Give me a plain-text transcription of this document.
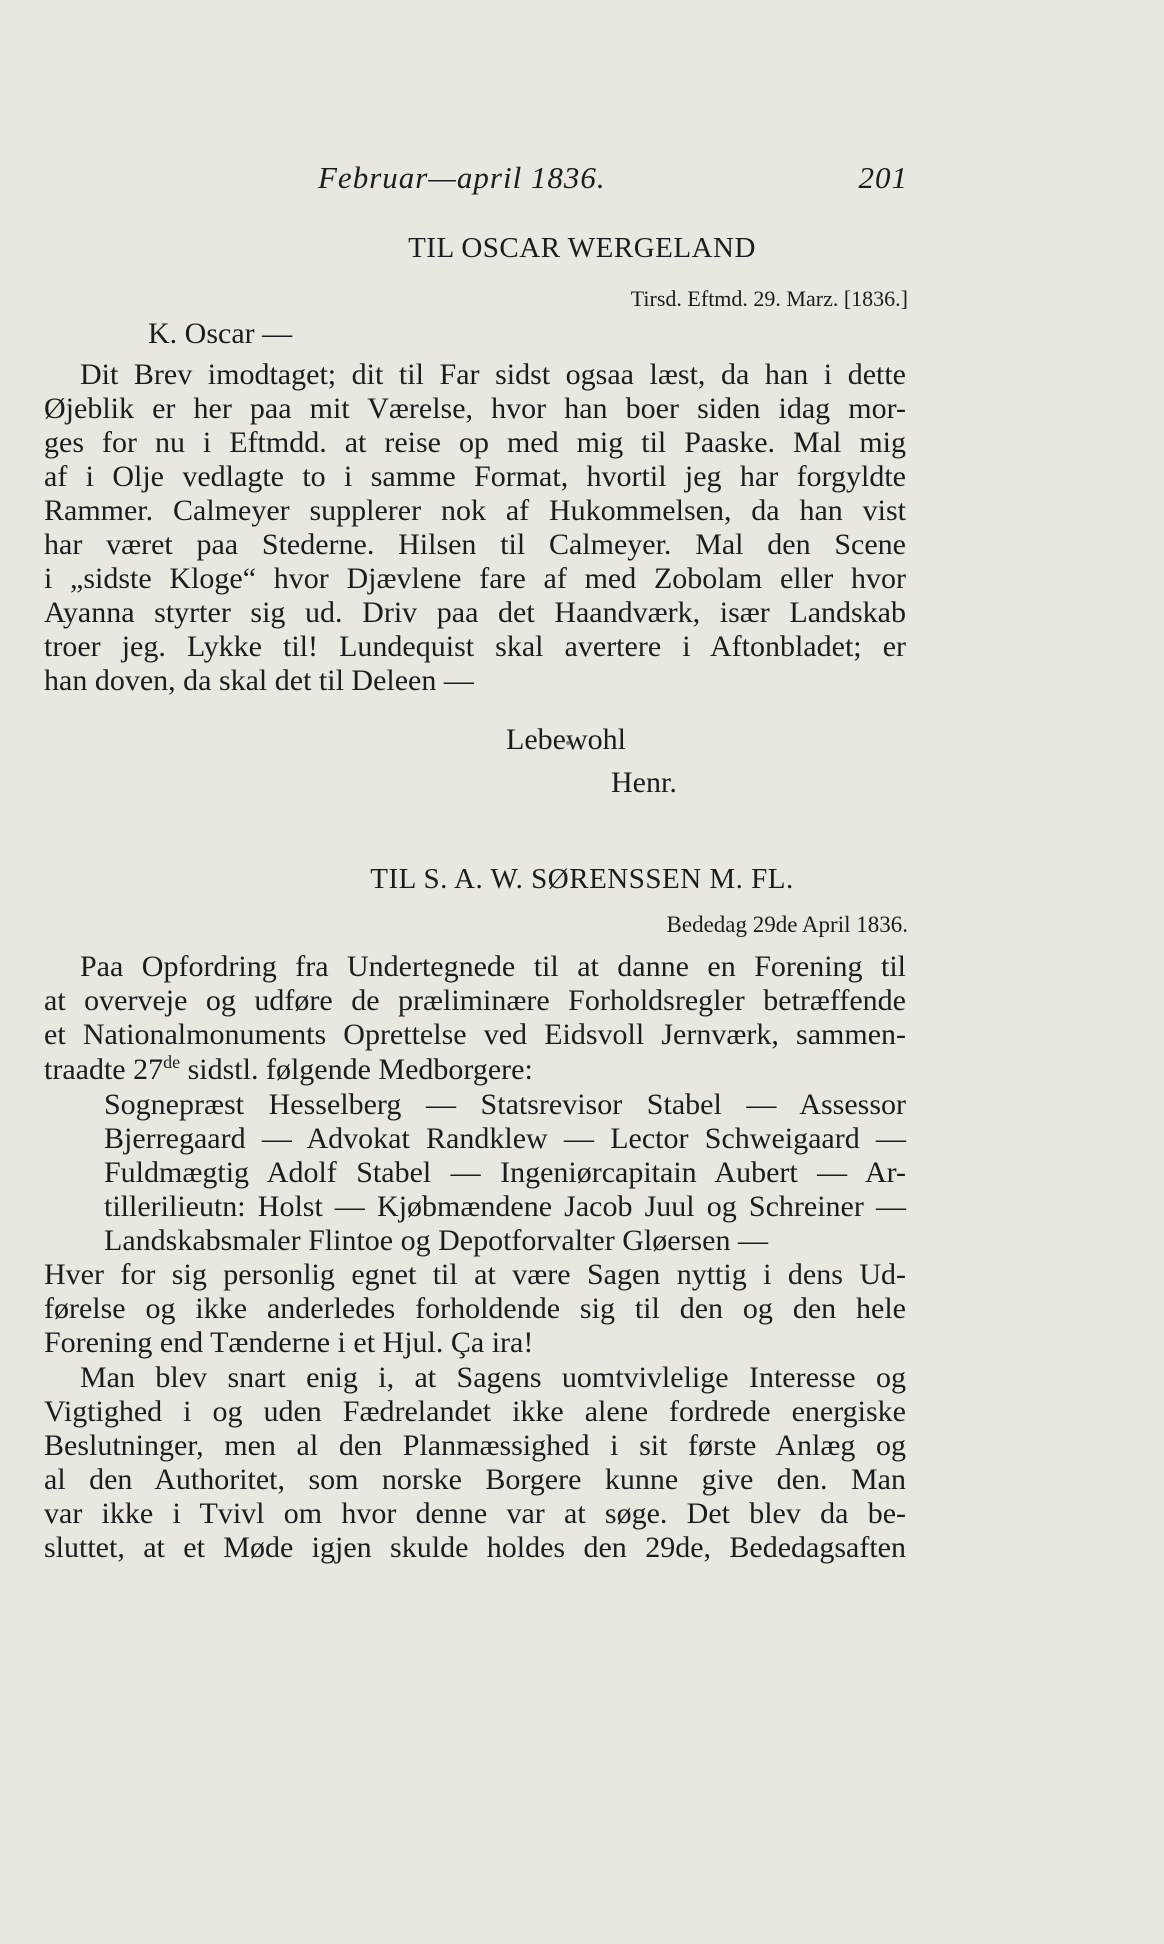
Februar—april 1836.	201
TIL OSCAR WERGELAND
Tirsd. Eftmd. 29. Marz. [1836.]
K. Oscar —
Dit Brev imodtaget; dit til Far sidst ogsaa læst, da han i dette
Øjeblik er her paa mit Værelse, hvor han boer siden idag mor-
ges for nu i Eftmdd. at reise op med mig til Paaske. Mal mig
af i Olje vedlagte to i samme Format, hvortil jeg har forgyldte
Rammer. Calmeyer supplerer nok af Hukommelsen, da han vist
har været paa Stederne. Hilsen til Calmeyer. Mal den Scene
i „sidste Kloge“ hvor Djævlene fare af med Zobolam eller hvor
Ayanna styrter sig ud. Driv paa det Haandværk, især Landskab
troer jeg. Lykke til! Lundequist skal avertere i Aftonbladet; er
han doven, da skal det til Deleen —
Lebewohl
Henr.
TIL S. A. W. SØRENSSEN M. FL.
Bededag 29de April 1836.
Paa Opfordring fra Undertegnede til at danne en Forening til
at overveje og udføre de præliminære Forholdsregler betræffende
et Nationalmonuments Oprettelse ved Eidsvoll Jernværk, sammen-
traadte 27de sidstl. følgende Medborgere:
Sognepræst Hesselberg — Statsrevisor Stabel — Assessor
Bjerregaard — Advokat Randklew — Lector Schweigaard —
Fuldmægtig Adolf Stabel — Ingeniørcapitain Aubert — Ar-
tillerilieutn: Holst — Kjøbmændene Jacob Juul og Schreiner —
Landskabsmaler Flintoe og Depotforvalter Gløersen —
Hver for sig personlig egnet til at være Sagen nyttig i dens Ud-
førelse og ikke anderledes forholdende sig til den og den hele
Forening end Tænderne i et Hjul. Ça ira!
Man blev snart enig i, at Sagens uomtvivlelige Interesse og
Vigtighed i og uden Fædrelandet ikke alene fordrede energiske
Beslutninger, men al den Planmæssighed i sit første Anlæg og
al den Authoritet, som norske Borgere kunne give den. Man
var ikke i Tvivl om hvor denne var at søge. Det blev da be-
sluttet, at et Møde igjen skulde holdes den 29de, Bededagsaften
